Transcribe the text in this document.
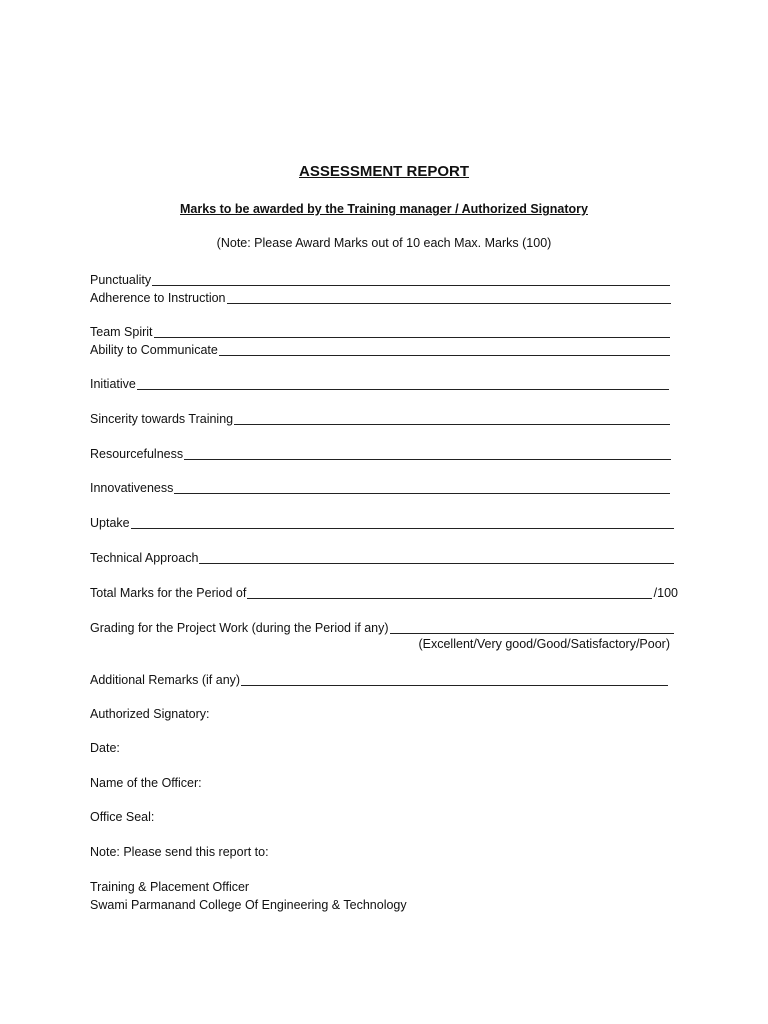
ASSESSMENT REPORT
Marks to be awarded by the Training manager / Authorized Signatory
(Note: Please Award Marks out of 10 each Max. Marks (100)
Punctuality
Adherence to Instruction
Team Spirit
Ability to Communicate
Initiative
Sincerity towards Training
Resourcefulness
Innovativeness
Uptake
Technical Approach
Total Marks for the Period of	/100
Grading for the Project Work (during the Period if any)
(Excellent/Very good/Good/Satisfactory/Poor)
Additional Remarks (if any)
Authorized Signatory:
Date:
Name of the Officer:
Office Seal:
Note: Please send this report to:
Training & Placement Officer
Swami Parmanand College Of Engineering & Technology
